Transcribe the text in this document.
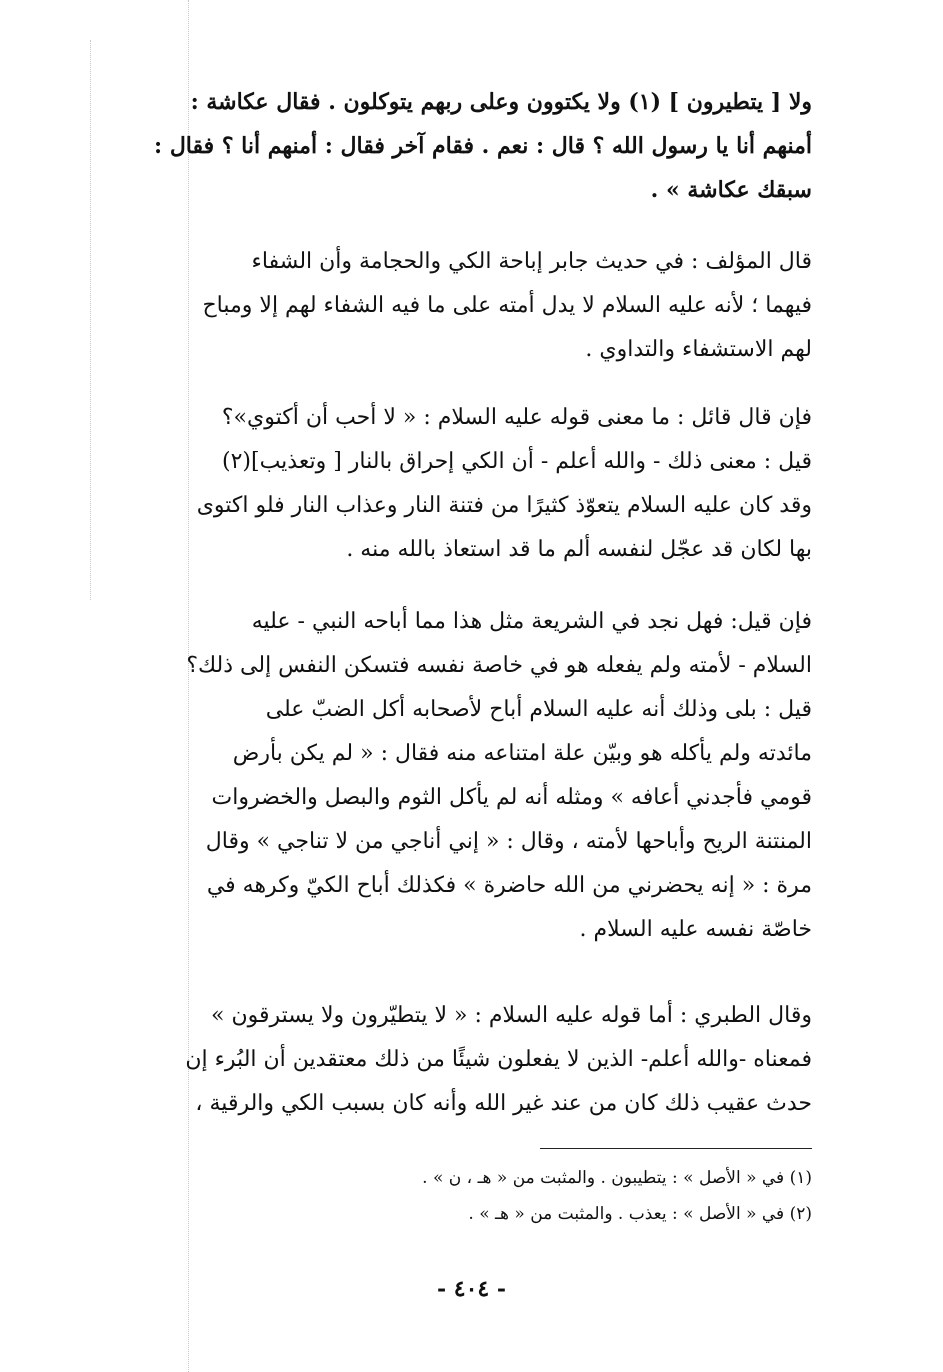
ولا [ يتطيرون ] (١) ولا يكتوون وعلى ربهم يتوكلون . فقال عكاشة :
أمنهم أنا يا رسول الله ؟ قال : نعم . فقام آخر فقال : أمنهم أنا ؟ فقال :
سبقك عكاشة » .
قال المؤلف : في حديث جابر إباحة الكي والحجامة وأن الشفاء
فيهما ؛ لأنه عليه السلام لا يدل أمته على ما فيه الشفاء لهم إلا ومباح
لهم الاستشفاء والتداوي .
فإن قال قائل : ما معنى قوله عليه السلام : « لا أحب أن أكتوي»؟
قيل : معنى ذلك - والله أعلم - أن الكي إحراق بالنار [ وتعذيب](٢)
وقد كان عليه السلام يتعوّذ كثيرًا من فتنة النار وعذاب النار فلو اكتوى
بها لكان قد عجّل لنفسه ألم ما قد استعاذ بالله منه .
فإن قيل: فهل نجد في الشريعة مثل هذا مما أباحه النبي - عليه
السلام - لأمته ولم يفعله هو في خاصة نفسه فتسكن النفس إلى ذلك؟
قيل : بلى وذلك أنه عليه السلام أباح لأصحابه أكل الضبّ على
مائدته ولم يأكله هو وبيّن علة امتناعه منه فقال : « لم يكن بأرض
قومي فأجدني أعافه » ومثله أنه لم يأكل الثوم والبصل والخضروات
المنتنة الريح وأباحها لأمته ، وقال : « إني أناجي من لا تناجي » وقال
مرة : « إنه يحضرني من الله حاضرة » فكذلك أباح الكيّ وكرهه في
خاصّة نفسه عليه السلام .
وقال الطبري : أما قوله عليه السلام : « لا يتطيّرون ولا يسترقون »
فمعناه -والله أعلم- الذين لا يفعلون شيئًا من ذلك معتقدين أن البُرء إن
حدث عقيب ذلك كان من عند غير الله وأنه كان بسبب الكي والرقية ،
(١) في « الأصل » : يتطيبون . والمثبت من « هـ ، ن » .
(٢) في « الأصل » : يعذب . والمثبت من « هـ » .
- ٤٠٤ -
